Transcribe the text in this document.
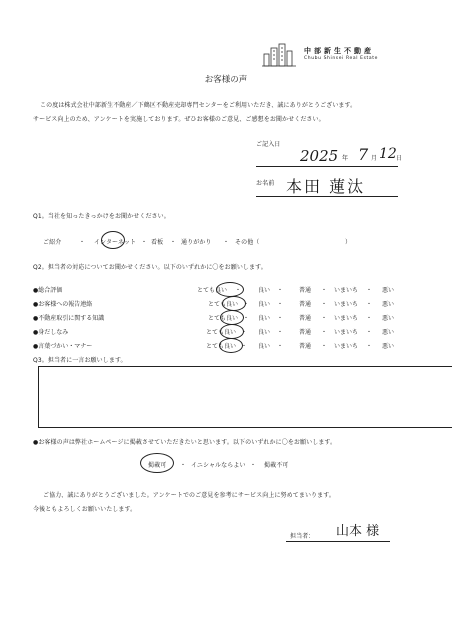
中部新生不動産
Chubu Shinsei Real Estate
お客様の声
この度は株式会社中部新生不動産／下鶴区不動産売却専門センターをご利用いただき、誠にありがとうございます。
サービス向上のため、アンケートを実施しております。ぜひお客様のご意見、ご感想をお聞かせください。
ご記入日
2025 年 7 月 12 日
お名前 本田 蓮汰
Q1。当社を知ったきっかけをお聞かせください。
ご紹介	・ インターネット ・ 看板 ・ 通りがかり ・ その他（	）
Q2。担当者の対応についてお聞かせください。以下のいずれかに〇をお願いします。
●総合評価	とても良い ・	良い ・	普通 ・ いまいち ・ 悪い
●お客様への報告連絡	とても良い ・ 良い ・	普通 ・ いまいち ・ 悪い
●不動産取引に関する知識	とても良い ・ 良い ・	普通 ・ いまいち ・ 悪い
●身だしなみ	とても良い ・ 良い ・	普通 ・ いまいち ・ 悪い
●言葉づかい・マナー	とても良い ・ 良い ・	普通 ・ いまいち ・ 悪い
Q3。担当者に一言お願いします。
●お客様の声は弊社ホームページに掲載させていただきたいと思います。以下のいずれかに〇をお願いします。
掲載可 ・ イニシャルならよい ・ 掲載不可
ご協力、誠にありがとうございました。アンケートでのご意見を参考にサービス向上に努めてまいります。
今後ともよろしくお願いいたします。
担当者： 山本 様
